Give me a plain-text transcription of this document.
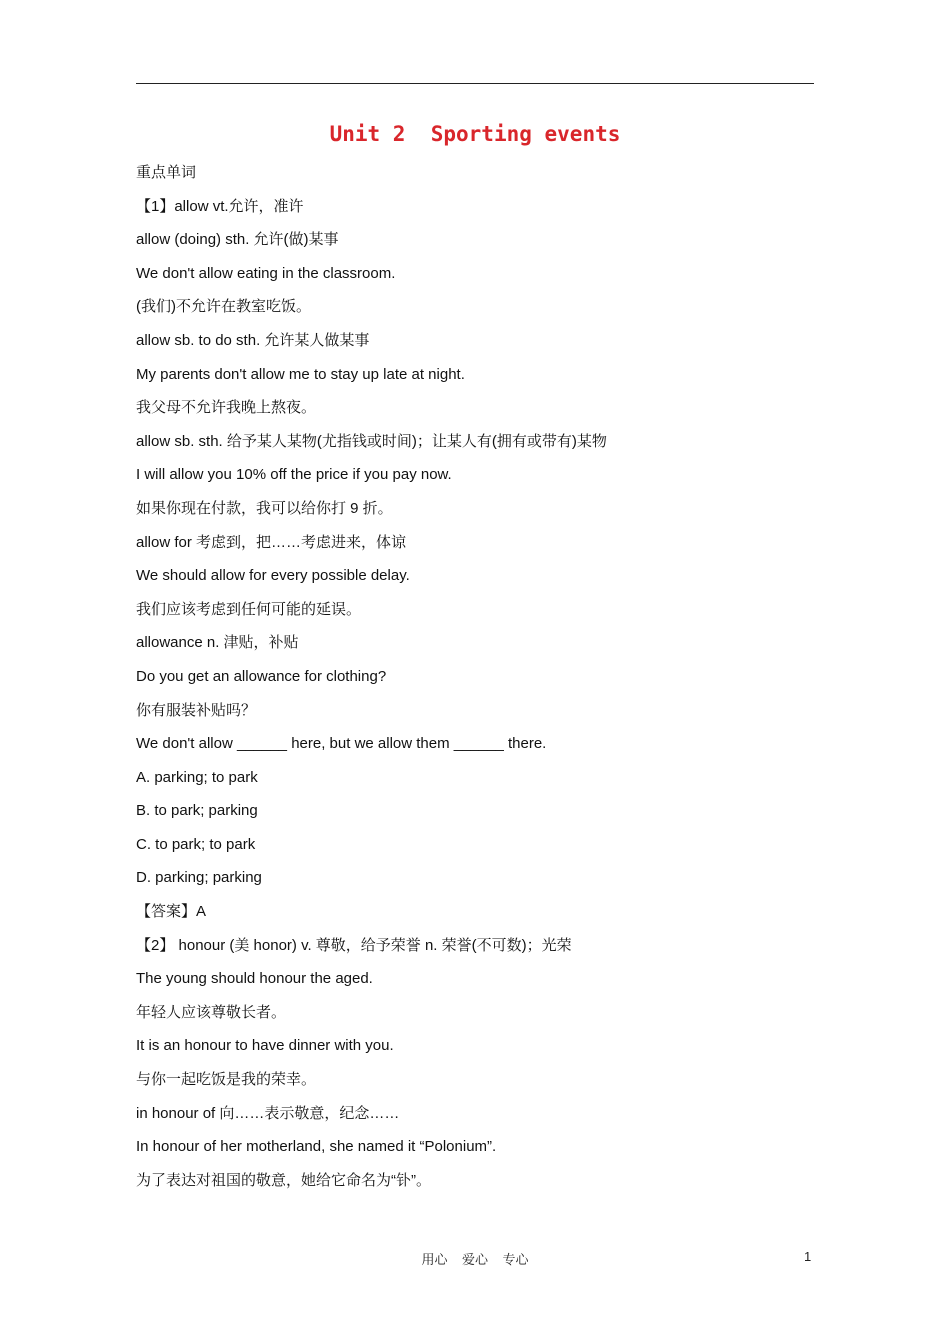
Unit 2  Sporting events
重点单词
【1】allow vt.允许，准许
allow (doing) sth. 允许(做)某事
We don't allow eating in the classroom.
(我们)不允许在教室吃饭。
allow sb. to do sth. 允许某人做某事
My parents don't allow me to stay up late at night.
我父母不允许我晚上熬夜。
allow sb. sth. 给予某人某物(尤指钱或时间)；让某人有(拥有或带有)某物
I will allow you 10% off the price if you pay now.
如果你现在付款，我可以给你打 9 折。
allow for 考虑到，把……考虑进来，体谅
We should allow for every possible delay.
我们应该考虑到任何可能的延误。
allowance n. 津贴，补贴
Do you get an allowance for clothing?
你有服装补贴吗？
We don't allow ______ here, but we allow them ______ there.
A. parking; to park
B. to park; parking
C. to park; to park
D. parking; parking
【答案】A
【2】 honour (美 honor) v. 尊敬，给予荣誉 n. 荣誉(不可数)；光荣
The young should honour the aged.
年轻人应该尊敬长者。
It is an honour to have dinner with you.
与你一起吃饭是我的荣幸。
in honour of 向……表示敬意，纪念……
In honour of her motherland, she named it “Polonium”.
为了表达对祖国的敬意，她给它命名为“钋”。
用心    爱心    专心	1
